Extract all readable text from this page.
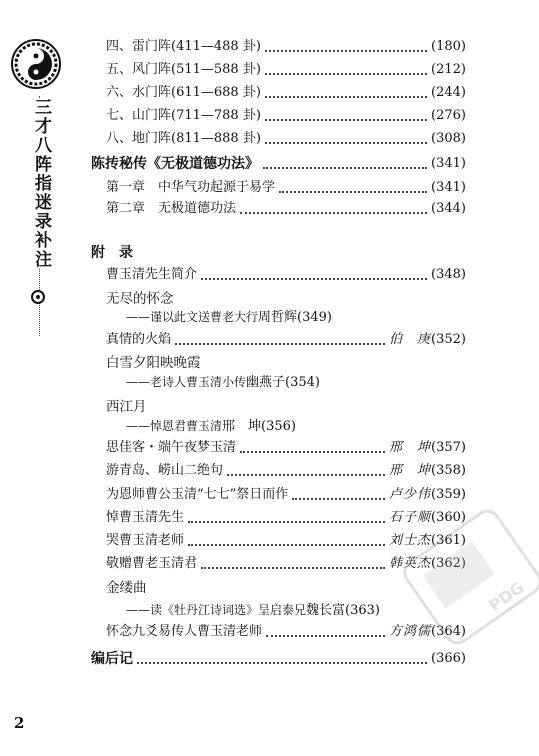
三才八阵指迷录补注
四、雷门阵(411—488 卦)	(180)
五、风门阵(511—588 卦)	(212)
六、水门阵(611—688 卦)	(244)
七、山门阵(711—788 卦)	(276)
八、地门阵(811—888 卦)	(308)
陈抟秘传《无极道德功法》	(341)
第一章　中华气功起源于易学	(341)
第二章　无极道德功法	(344)
附　录
曹玉清先生简介	(348)
无尽的怀念
——谨以此文送曹老大行 周哲辉 (349)
真情的火焰	伯　庚 (352)
白雪夕阳映晚霞
——老诗人曹玉清小传 幽燕子 (354)
西江月
——悼恩君曹玉清 邢　坤 (356)
思佳客・端午夜梦玉清	邢　坤 (357)
游青岛、崂山二绝句	邢　坤 (358)
为恩师曹公玉清“七七”祭日而作	卢少伟 (359)
悼曹玉清先生	石子顺 (360)
哭曹玉清老师	刘士杰 (361)
敬赠曹老玉清君	韩英杰 (362)
金缕曲
——读《牡丹江诗词选》呈启泰兄 魏长富 (363)
怀念九爻易传人曹玉清老师	方鸿儒 (364)
编后记	(366)
2
PDG
